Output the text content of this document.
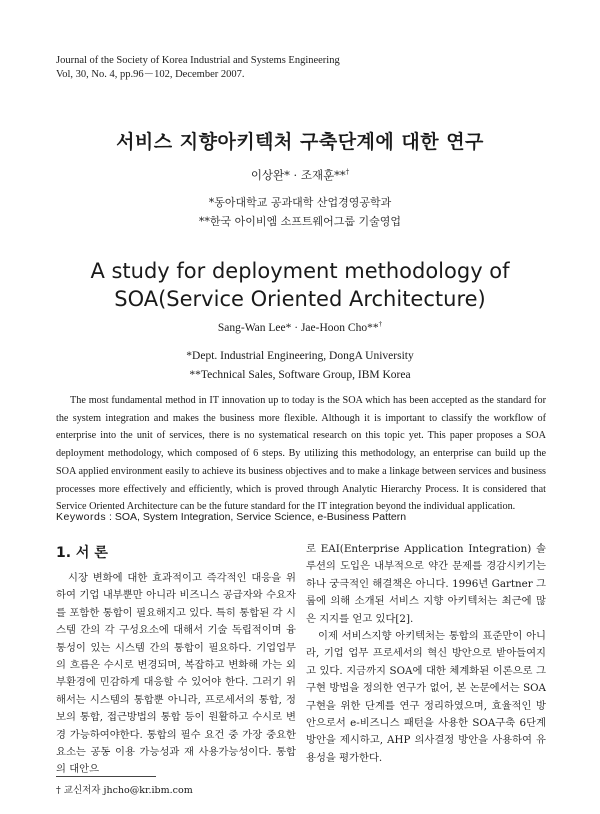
Journal of the Society of Korea Industrial and Systems Engineering
Vol, 30, No. 4, pp.96－102, December 2007.
서비스 지향아키텍처 구축단계에 대한 연구
이상완* · 조재훈**†
*동아대학교 공과대학 산업경영공학과
**한국 아이비엠 소프트웨어그룹 기술영업
A study for deployment methodology of
SOA(Service Oriented Architecture)
Sang-Wan Lee* · Jae-Hoon Cho**†
*Dept. Industrial Engineering, DongA University
**Technical Sales, Software Group, IBM Korea
The most fundamental method in IT innovation up to today is the SOA which has been accepted as the standard for the system integration and makes the business more flexible. Although it is important to classify the workflow of enterprise into the unit of services, there is no systematical research on this topic yet. This paper proposes a SOA deployment methodology, which composed of 6 steps. By utilizing this methodology, an enterprise can build up the SOA applied environment easily to achieve its business objectives and to make a linkage between services and business processes more effectively and efficiently, which is proved through Analytic Hierarchy Process. It is considered that Service Oriented Architecture can be the future standard for the IT integration beyond the individual application.
Keywords : SOA, System Integration, Service Science, e-Business Pattern
1. 서 론

시장 변화에 대한 효과적이고 즉각적인 대응을 위하여 기업 내부뿐만 아니라 비즈니스 공급자와 수요자를 포함한 통합이 필요해지고 있다. 특히 통합된 각 시스템 간의 각 구성요소에 대해서 기술 독립적이며 융통성이 있는 시스템 간의 통합이 필요하다. 기업업무의 흐름은 수시로 변경되며, 복잡하고 변화해 가는 외부환경에 민감하게 대응할 수 있어야 한다. 그러기 위해서는 시스템의 통합뿐 아니라, 프로세서의 통합, 정보의 통합, 접근방법의 통합 등이 원활하고 수시로 변경 가능하여야한다. 통합의 필수 요건 중 가장 중요한 요소는 공동 이용 가능성과 재 사용가능성이다. 통합의 대안으

로 EAI(Enterprise Application Integration) 솔루션의 도입은 내부적으로 약간 문제를 경감시키기는 하나 궁극적인 해결책은 아니다. 1996년 Gartner 그룹에 의해 소개된 서비스 지향 아키텍처는 최근에 많은 지지를 얻고 있다[2].

이제 서비스지향 아키텍처는 통합의 표준만이 아니라, 기업 업무 프로세서의 혁신 방안으로 받아들여지고 있다. 지금까지 SOA에 대한 체계화된 이론으로 그 구현 방법을 정의한 연구가 없어, 본 논문에서는 SOA 구현을 위한 단계를 연구 정리하였으며, 효율적인 방안으로서 e-비즈니스 패턴을 사용한 SOA구축 6단계 방안을 제시하고, AHP 의사결정 방안을 사용하여 유용성을 평가한다.

† 교신저자 jhcho@kr.ibm.com
